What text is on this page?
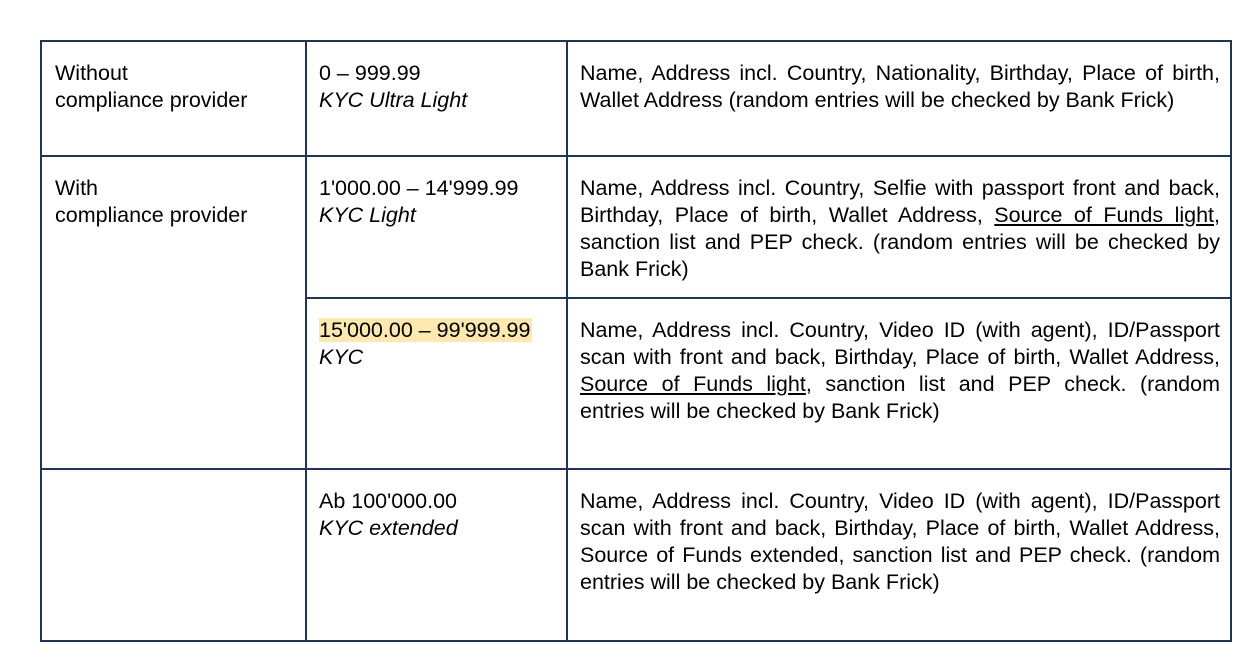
Without
compliance provider	0 – 999.99
KYC Ultra Light	Name, Address incl. Country, Nationality, Birthday, Place of birth, Wallet Address (random entries will be checked by Bank Frick)

With
compliance provider	1'000.00 – 14'999.99
KYC Light	Name, Address incl. Country, Selfie with passport front and back, Birthday, Place of birth, Wallet Address, Source of Funds light, sanction list and PEP check. (random entries will be checked by Bank Frick)

	15'000.00 – 99'999.99
KYC	Name, Address incl. Country, Video ID (with agent), ID/Passport scan with front and back, Birthday, Place of birth, Wallet Address, Source of Funds light, sanction list and PEP check. (random entries will be checked by Bank Frick)

	Ab 100'000.00
KYC extended	Name, Address incl. Country, Video ID (with agent), ID/Passport scan with front and back, Birthday, Place of birth, Wallet Address, Source of Funds extended, sanction list and PEP check. (random entries will be checked by Bank Frick)
